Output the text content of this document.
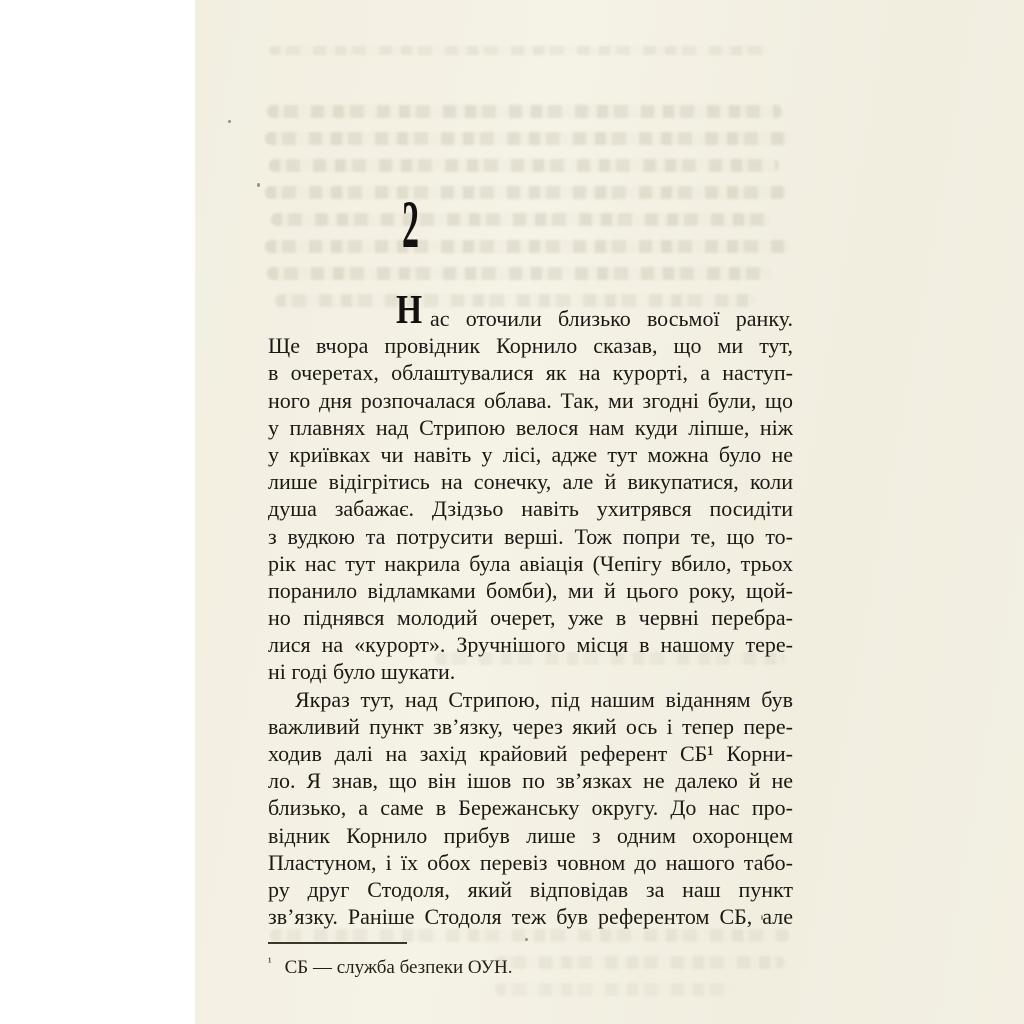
2
Н ас оточили близько восьмої ранку.
Ще вчора провідник Корнило сказав, що ми тут,
в очеретах, облаштувалися як на курорті, а наступ-
ного дня розпочалася облава. Так, ми згодні були, що
у плавнях над Стрипою велося нам куди ліпше, ніж
у криївках чи навіть у лісі, адже тут можна було не
лише відігрітись на сонечку, але й викупатися, коли
душа забажає. Дзідзьо навіть ухитрявся посидіти
з вудкою та потрусити верші. Тож попри те, що то-
рік нас тут накрила була авіація (Чепігу вбило, трьох
поранило відламками бомби), ми й цього року, щой-
но піднявся молодий очерет, уже в червні перебра-
лися на «курорт». Зручнішого місця в нашому тере-
ні годі було шукати.
Якраз тут, над Стрипою, під нашим віданням був
важливий пункт зв’язку, через який ось і тепер пере-
ходив далі на захід крайовий референт СБ¹ Корни-
ло. Я знав, що він ішов по зв’язках не далеко й не
близько, а саме в Бережанську округу. До нас про-
відник Корнило прибув лише з одним охоронцем
Пластуном, і їх обох перевіз човном до нашого табо-
ру друг Стодоля, який відповідав за наш пункт
зв’язку. Раніше Стодоля теж був референтом СБ, але
$^{^1}$ СБ — служба безпеки ОУН.
